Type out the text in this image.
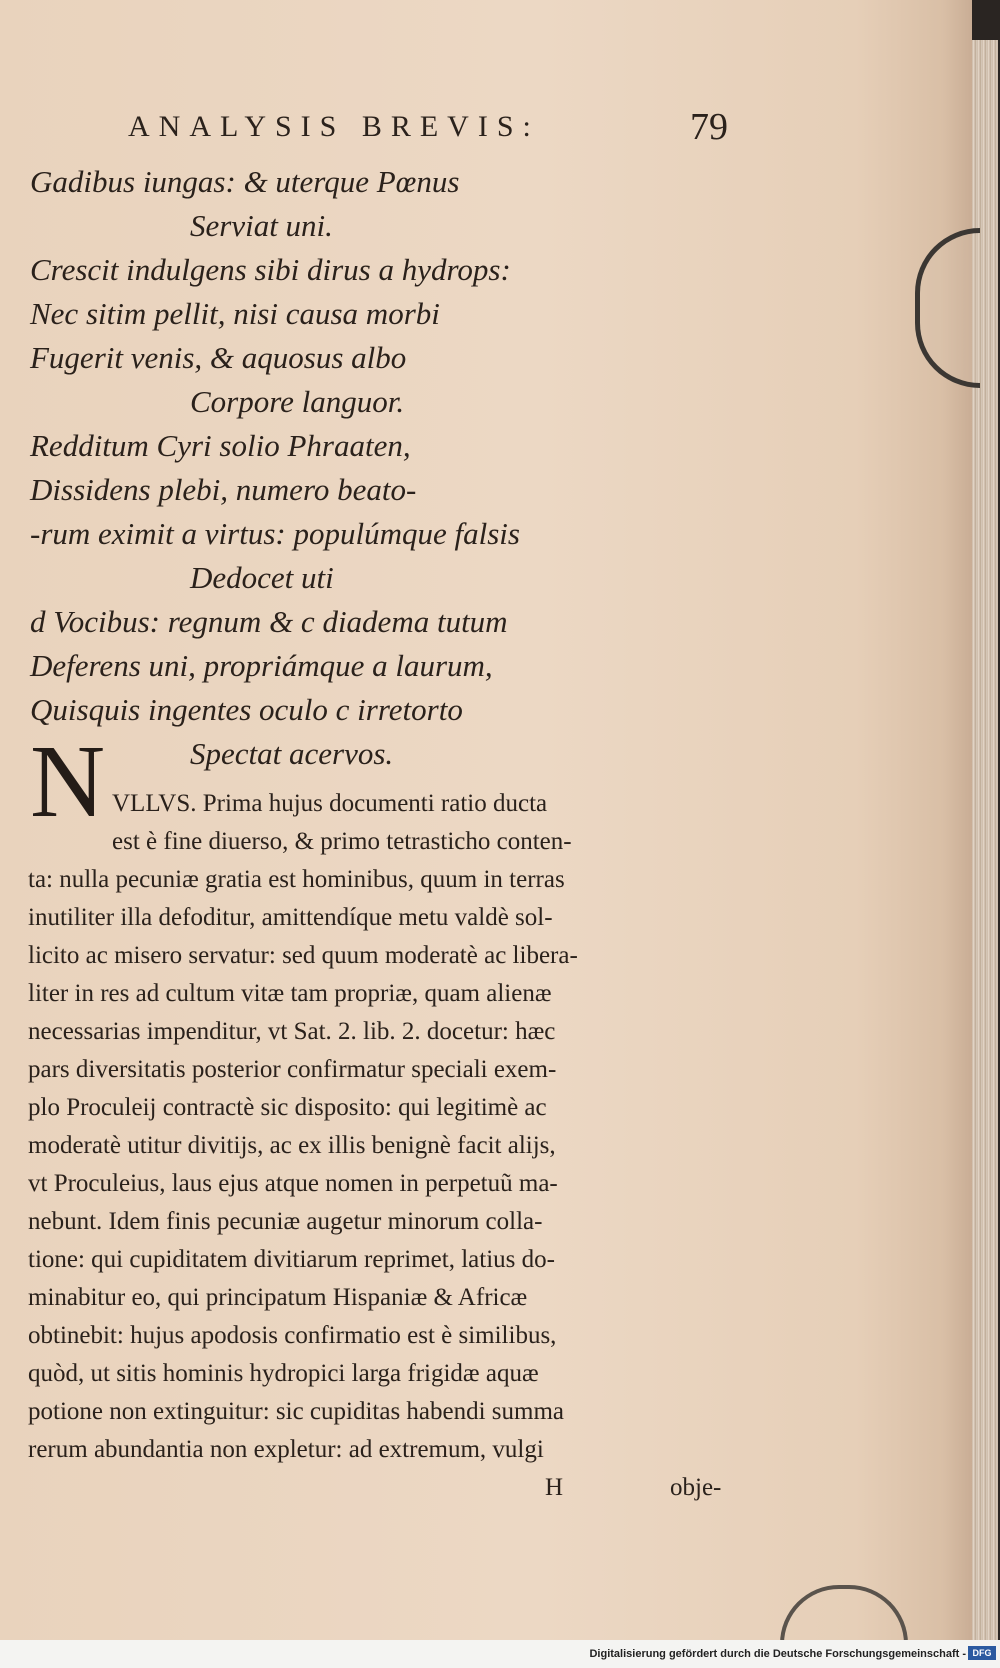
ANALYSIS BREVIS:	79
Gadibus iungas: & uterque Pœnus
Serviat uni.
Crescit indulgens sibi dirus a hydrops:
Nec sitim pellit, nisi causa morbi
Fugerit venis, & aquosus albo
Corpore languor.
Redditum Cyri solio Phraaten,
Dissidens plebi, numero beato-
-rum eximit a virtus: populúmque falsis
Dedocet uti
d Vocibus: regnum & c diadema tutum
Deferens uni, propriámque a laurum,
Quisquis ingentes oculo c irretorto
Spectat acervos.
N VLLVS. Prima hujus documenti ratio ducta
est è fine diuerso, & primo tetrasticho conten-
ta: nulla pecuniæ gratia est hominibus, quum in terras
inutiliter illa defoditur, amittendíque metu valdè sol-
licito ac misero servatur: sed quum moderatè ac libera-
liter in res ad cultum vitæ tam propriæ, quam alienæ
necessarias impenditur, vt Sat. 2. lib. 2. docetur: hæc
pars diversitatis posterior confirmatur speciali exem-
plo Proculeij contractè sic disposito: qui legitimè ac
moderatè utitur divitijs, ac ex illis benignè facit alijs,
vt Proculeius, laus ejus atque nomen in perpetuũ ma-
nebunt. Idem finis pecuniæ augetur minorum colla-
tione: qui cupiditatem divitiarum reprimet, latius do-
minabitur eo, qui principatum Hispaniæ & Africæ
obtinebit: hujus apodosis confirmatio est è similibus,
quòd, ut sitis hominis hydropici larga frigidæ aquæ
potione non extinguitur: sic cupiditas habendi summa
rerum abundantia non expletur: ad extremum, vulgi
H	obje-
Digitalisierung gefördert durch die Deutsche Forschungsgemeinschaft - DFG
